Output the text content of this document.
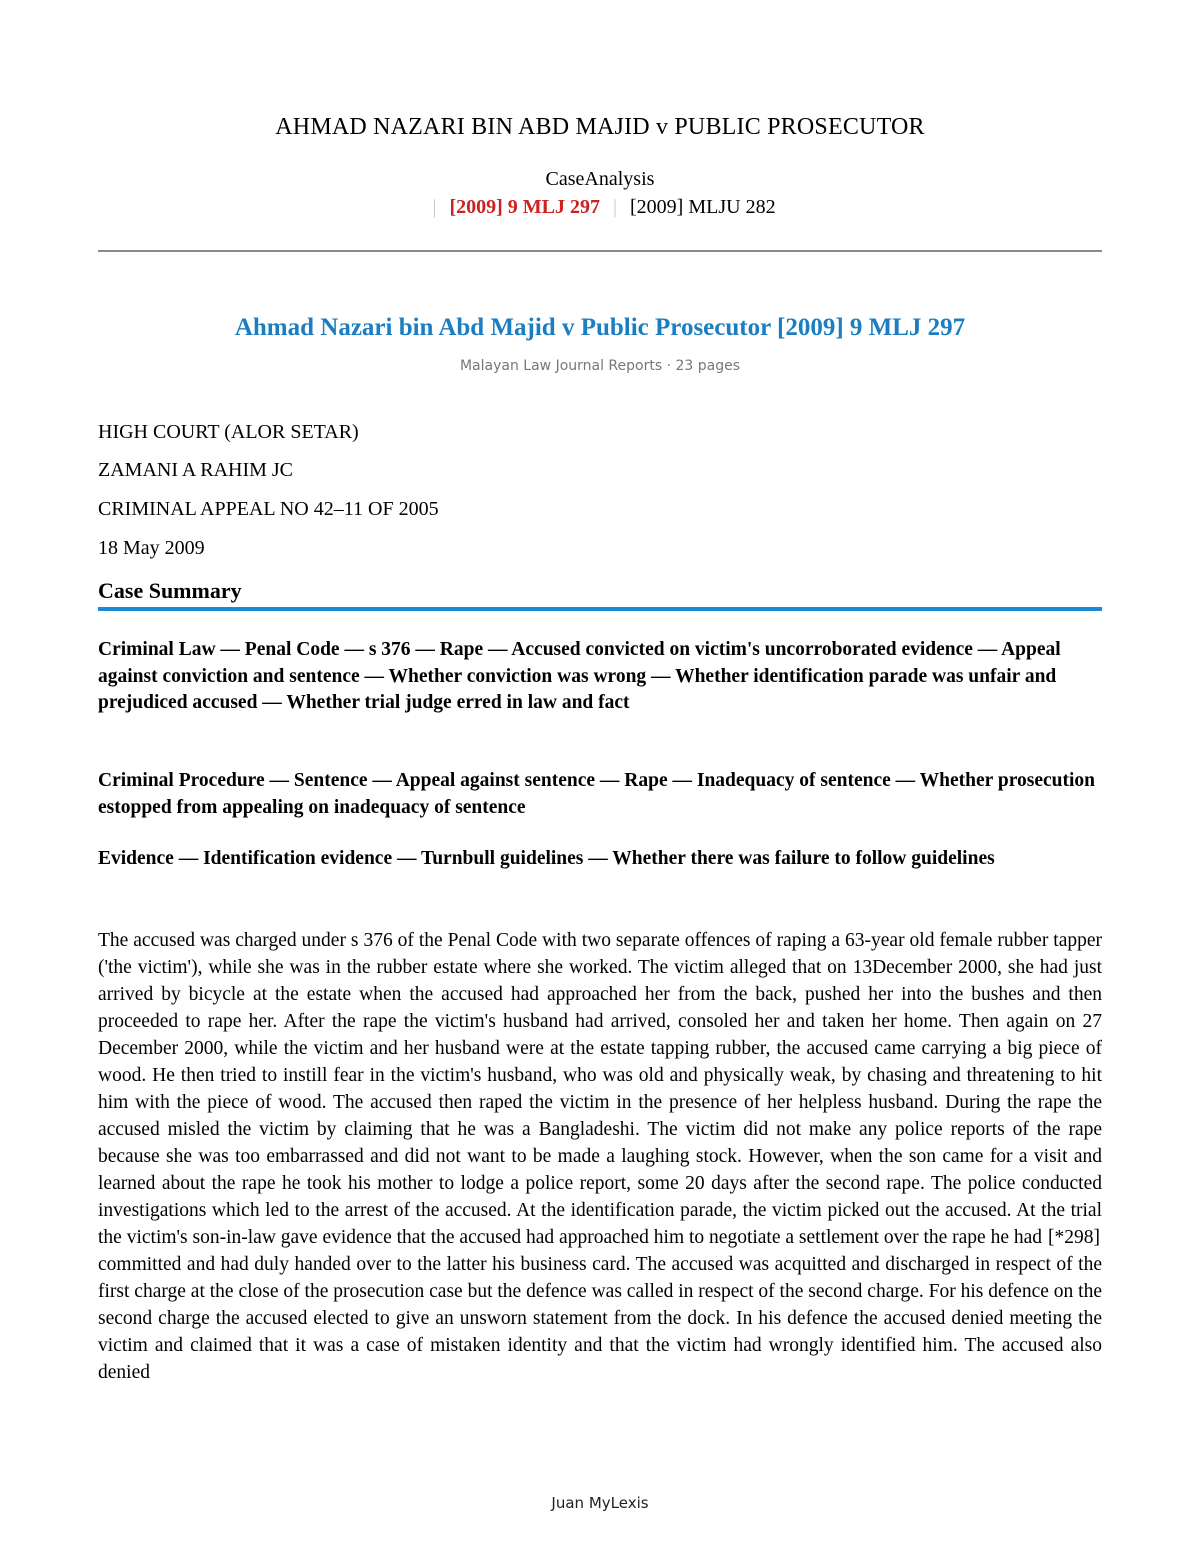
AHMAD NAZARI BIN ABD MAJID v PUBLIC PROSECUTOR
CaseAnalysis
| [2009] 9 MLJ 297 | [2009] MLJU 282
Ahmad Nazari bin Abd Majid v Public Prosecutor [2009] 9 MLJ 297
Malayan Law Journal Reports · 23 pages
HIGH COURT (ALOR SETAR)
ZAMANI A RAHIM JC
CRIMINAL APPEAL NO 42–11 OF 2005
18 May 2009
Case Summary
Criminal Law — Penal Code — s 376 — Rape — Accused convicted on victim's uncorroborated evidence — Appeal against conviction and sentence — Whether conviction was wrong — Whether identification parade was unfair and prejudiced accused — Whether trial judge erred in law and fact
Criminal Procedure — Sentence — Appeal against sentence — Rape — Inadequacy of sentence — Whether prosecution estopped from appealing on inadequacy of sentence
Evidence — Identification evidence — Turnbull guidelines — Whether there was failure to follow guidelines

The accused was charged under s 376 of the Penal Code with two separate offences of raping a 63-year old female rubber tapper ('the victim'), while she was in the rubber estate where she worked. The victim alleged that on 13December 2000, she had just arrived by bicycle at the estate when the accused had approached her from the back, pushed her into the bushes and then proceeded to rape her. After the rape the victim's husband had arrived, consoled her and taken her home. Then again on 27 December 2000, while the victim and her husband were at the estate tapping rubber, the accused came carrying a big piece of wood. He then tried to instill fear in the victim's husband, who was old and physically weak, by chasing and threatening to hit him with the piece of wood. The accused then raped the victim in the presence of her helpless husband. During the rape the accused misled the victim by claiming that he was a Bangladeshi. The victim did not make any police reports of the rape because she was too embarrassed and did not want to be made a laughing stock. However, when the son came for a visit and learned about the rape he took his mother to lodge a police report, some 20 days after the second rape. The police conducted investigations which led to the arrest of the accused. At the identification parade, the victim picked out the accused. At the trial the victim's son-in-law gave evidence that the accused had approached him to negotiate a settlement over the rape he had [*298]

committed and had duly handed over to the latter his business card. The accused was acquitted and discharged in respect of the first charge at the close of the prosecution case but the defence was called in respect of the second charge. For his defence on the second charge the accused elected to give an unsworn statement from the dock. In his defence the accused denied meeting the victim and claimed that it was a case of mistaken identity and that the victim had wrongly identified him. The accused also denied

Juan MyLexis
